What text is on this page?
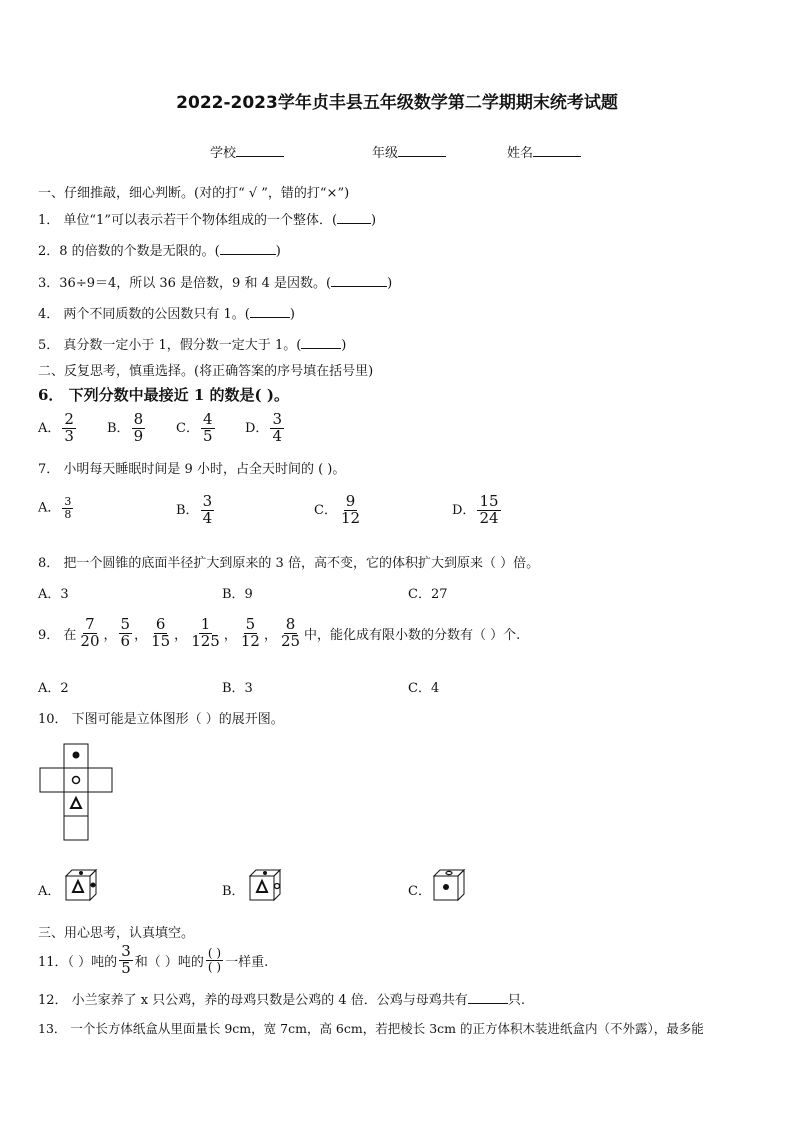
2022-2023学年贞丰县五年级数学第二学期期末统考试题
学校	年级	姓名
一、仔细推敲，细心判断。(对的打“ √ ”，错的打“×”)
1． 单位“1”可以表示若干个物体组成的一个整体．(	)
2．8 的倍数的个数是无限的。(	)
3．36÷9＝4，所以 36 是倍数，9 和 4 是因数。(	)
4． 两个不同质数的公因数只有 1。(	)
5． 真分数一定小于 1，假分数一定大于 1。(	)
二、反复思考，慎重选择。(将正确答案的序号填在括号里)
6． 下列分数中最接近 1 的数是( )。
A． $\frac{2}{3}$ B． $\frac{8}{9}$ C． $\frac{4}{5}$ D． $\frac{3}{4}$
7． 小明每天睡眠时间是 9 小时，占全天时间的 ( )。
A． $\frac{3}{8}$	B． $\frac{3}{4}$	C． $\frac{9}{12}$	D． $\frac{15}{24}$
8． 把一个圆锥的底面半径扩大到原来的 3 倍，高不变，它的体积扩大到原来（ ）倍。
A．3	B．9	C．27
9． 在 $\frac{7}{20}$ ， $\frac{5}{6}$ ， $\frac{6}{15}$ ， $\frac{1}{125}$ ， $\frac{5}{12}$ ， $\frac{8}{25}$ 中，能化成有限小数的分数有（ ）个.
A．2	B．3	C．4
10． 下图可能是立体图形（ ）的展开图。
A．	B．	C．
三、用心思考，认真填空。
11．（ ）吨的 $\frac{3}{5}$ 和（ ）吨的 $\frac{( )}{( )}$ 一样重.
12． 小兰家养了 x 只公鸡，养的母鸡只数是公鸡的 4 倍．公鸡与母鸡共有	只.
13． 一个长方体纸盒从里面量长 9cm，宽 7cm，高 6cm，若把棱长 3cm 的正方体积木装进纸盒内（不外露），最多能
